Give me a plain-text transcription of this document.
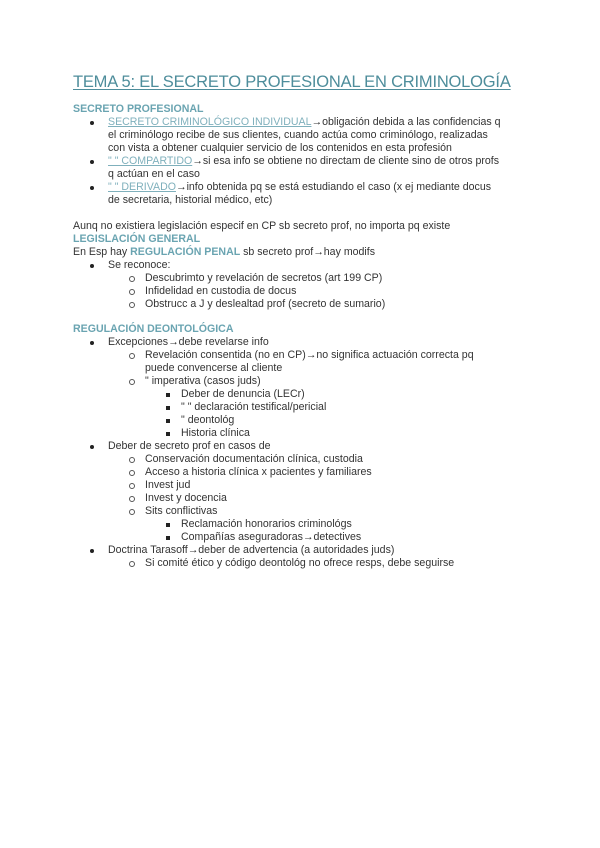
TEMA 5: EL SECRETO PROFESIONAL EN CRIMINOLOGÍA
SECRETO PROFESIONAL
SECRETO CRIMINOLÓGICO INDIVIDUAL→obligación debida a las confidencias q
el criminólogo recibe de sus clientes, cuando actúa como criminólogo, realizadas
con vista a obtener cualquier servicio de los contenidos en esta profesión
" " COMPARTIDO→si esa info se obtiene no directam de cliente sino de otros profs
q actúan en el caso
" " DERIVADO→info obtenida pq se está estudiando el caso (x ej mediante docus
de secretaria, historial médico, etc)
Aunq no existiera legislación especif en CP sb secreto prof, no importa pq existe
LEGISLACIÓN GENERAL
En Esp hay REGULACIÓN PENAL sb secreto prof→hay modifs
Se reconoce:
Descubrimto y revelación de secretos (art 199 CP)
Infidelidad en custodia de docus
Obstrucc a J y deslealtad prof (secreto de sumario)
REGULACIÓN DEONTOLÓGICA
Excepciones→debe revelarse info
Revelación consentida (no en CP)→no significa actuación correcta pq
puede convencerse al cliente
" imperativa (casos juds)
Deber de denuncia (LECr)
" " declaración testifical/pericial
" deontológ
Historia clínica
Deber de secreto prof en casos de
Conservación documentación clínica, custodia
Acceso a historia clínica x pacientes y familiares
Invest jud
Invest y docencia
Sits conflictivas
Reclamación honorarios criminológs
Compañías aseguradoras→detectives
Doctrina Tarasoff→deber de advertencia (a autoridades juds)
Si comité ético y código deontológ no ofrece resps, debe seguirse
